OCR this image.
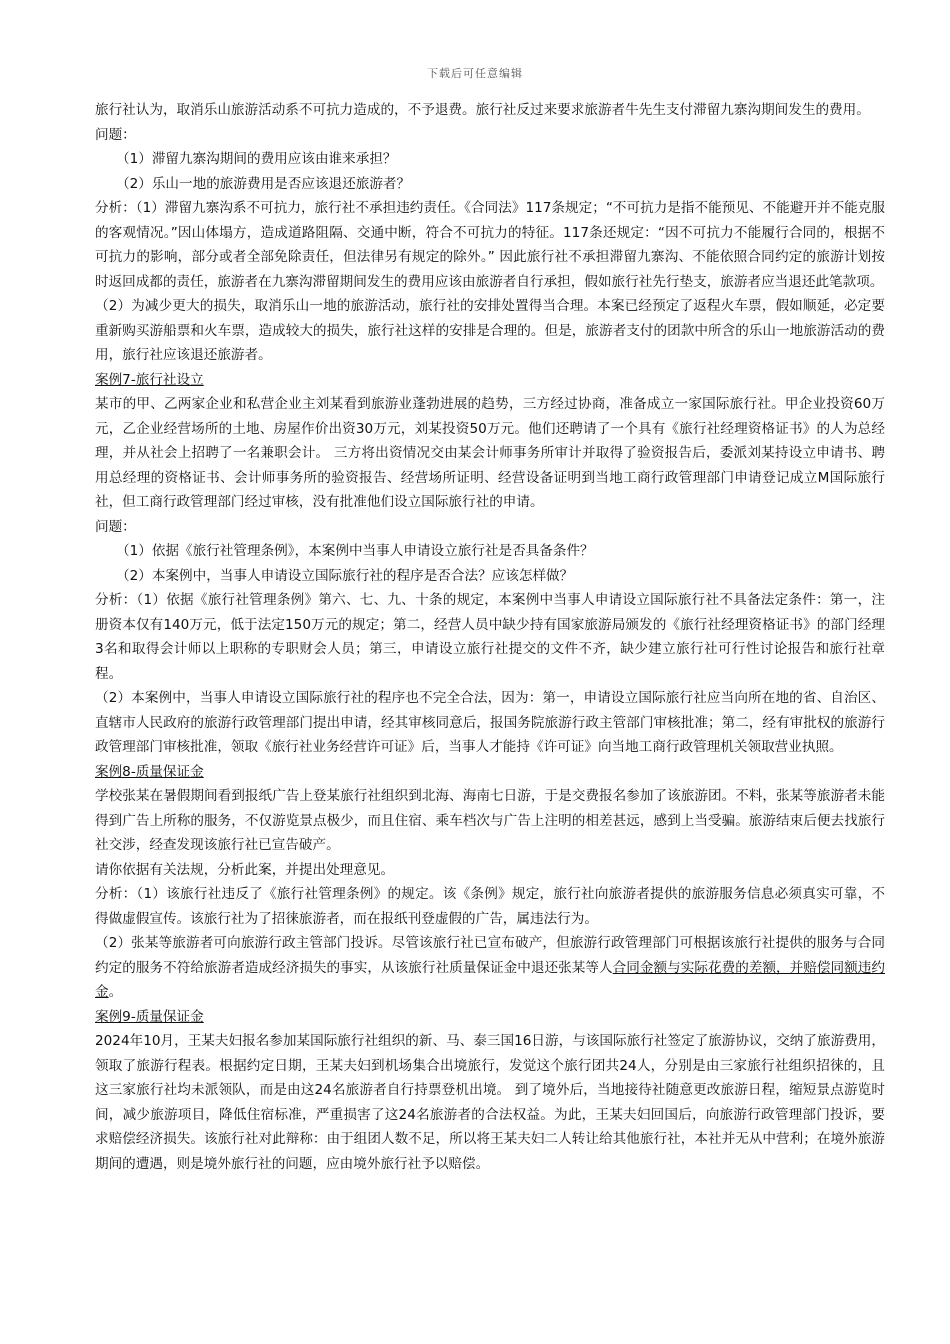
下载后可任意编辑

旅行社认为，取消乐山旅游活动系不可抗力造成的，不予退费。旅行社反过来要求旅游者牛先生支付滞留九寨沟期间发生的费用。

问题：

（1）滞留九寨沟期间的费用应该由谁来承担？

（2）乐山一地的旅游费用是否应该退还旅游者？

分析：（1）滞留九寨沟系不可抗力，旅行社不承担违约责任。《合同法》117条规定；“不可抗力是指不能预见、不能避开并不能克服的客观情况。”因山体塌方，造成道路阻隔、交通中断，符合不可抗力的特征。117条还规定：“因不可抗力不能履行合同的，根据不可抗力的影响，部分或者全部免除责任，但法律另有规定的除外。” 因此旅行社不承担滞留九寨沟、不能依照合同约定的旅游计划按时返回成都的责任，旅游者在九寨沟滞留期间发生的费用应该由旅游者自行承担，假如旅行社先行垫支，旅游者应当退还此笔款项。

（2）为减少更大的损失，取消乐山一地的旅游活动，旅行社的安排处置得当合理。本案已经预定了返程火车票，假如顺延，必定要重新购买游船票和火车票，造成较大的损失，旅行社这样的安排是合理的。但是，旅游者支付的团款中所含的乐山一地旅游活动的费用，旅行社应该退还旅游者。

案例7-旅行社设立

某市的甲、乙两家企业和私营企业主刘某看到旅游业蓬勃进展的趋势，三方经过协商，准备成立一家国际旅行社。甲企业投资60万元，乙企业经营场所的土地、房屋作价出资30万元，刘某投资50万元。他们还聘请了一个具有《旅行社经理资格证书》的人为总经理，并从社会上招聘了一名兼职会计。 三方将出资情况交由某会计师事务所审计并取得了验资报告后，委派刘某持设立申请书、聘用总经理的资格证书、会计师事务所的验资报告、经营场所证明、经营设备证明到当地工商行政管理部门申请登记成立M国际旅行社，但工商行政管理部门经过审核，没有批准他们设立国际旅行社的申请。

问题：

（1）依据《旅行社管理条例》，本案例中当事人申请设立旅行社是否具备条件？

（2）本案例中，当事人申请设立国际旅行社的程序是否合法？应该怎样做？

分析：（1）依据《旅行社管理条例》第六、七、九、十条的规定，本案例中当事人申请设立国际旅行社不具备法定条件：第一，注册资本仅有140万元，低于法定150万元的规定；第二，经营人员中缺少持有国家旅游局颁发的《旅行社经理资格证书》的部门经理3名和取得会计师以上职称的专职财会人员；第三，申请设立旅行社提交的文件不齐，缺少建立旅行社可行性讨论报告和旅行社章程。

（2）本案例中，当事人申请设立国际旅行社的程序也不完全合法，因为：第一，申请设立国际旅行社应当向所在地的省、自治区、直辖市人民政府的旅游行政管理部门提出申请，经其审核同意后，报国务院旅游行政主管部门审核批准；第二，经有审批权的旅游行政管理部门审核批准，领取《旅行社业务经营许可证》后，当事人才能持《许可证》向当地工商行政管理机关领取营业执照。

案例8-质量保证金

学校张某在暑假期间看到报纸广告上登某旅行社组织到北海、海南七日游，于是交费报名参加了该旅游团。不料，张某等旅游者未能得到广告上所称的服务，不仅游览景点极少，而且住宿、乘车档次与广告上注明的相差甚远，感到上当受骗。旅游结束后便去找旅行社交涉，经查发现该旅行社已宣告破产。

请你依据有关法规，分析此案，并提出处理意见。

分析：（1）该旅行社违反了《旅行社管理条例》的规定。该《条例》规定，旅行社向旅游者提供的旅游服务信息必须真实可靠，不得做虚假宣传。该旅行社为了招徕旅游者，而在报纸刊登虚假的广告，属违法行为。

（2）张某等旅游者可向旅游行政主管部门投诉。尽管该旅行社已宣布破产，但旅游行政管理部门可根据该旅行社提供的服务与合同约定的服务不符给旅游者造成经济损失的事实，从该旅行社质量保证金中退还张某等人合同金额与实际花费的差额，并赔偿同额违约金。

案例9-质量保证金

2024年10月，王某夫妇报名参加某国际旅行社组织的新、马、泰三国16日游，与该国际旅行社签定了旅游协议，交纳了旅游费用，领取了旅游行程表。根据约定日期，王某夫妇到机场集合出境旅行，发觉这个旅行团共24人，分别是由三家旅行社组织招徕的，且这三家旅行社均未派领队，而是由这24名旅游者自行持票登机出境。 到了境外后，当地接待社随意更改旅游日程，缩短景点游览时间，减少旅游项目，降低住宿标准，严重损害了这24名旅游者的合法权益。为此，王某夫妇回国后，向旅游行政管理部门投诉，要求赔偿经济损失。该旅行社对此辩称：由于组团人数不足，所以将王某夫妇二人转让给其他旅行社，本社并无从中营利；在境外旅游期间的遭遇，则是境外旅行社的问题，应由境外旅行社予以赔偿。
